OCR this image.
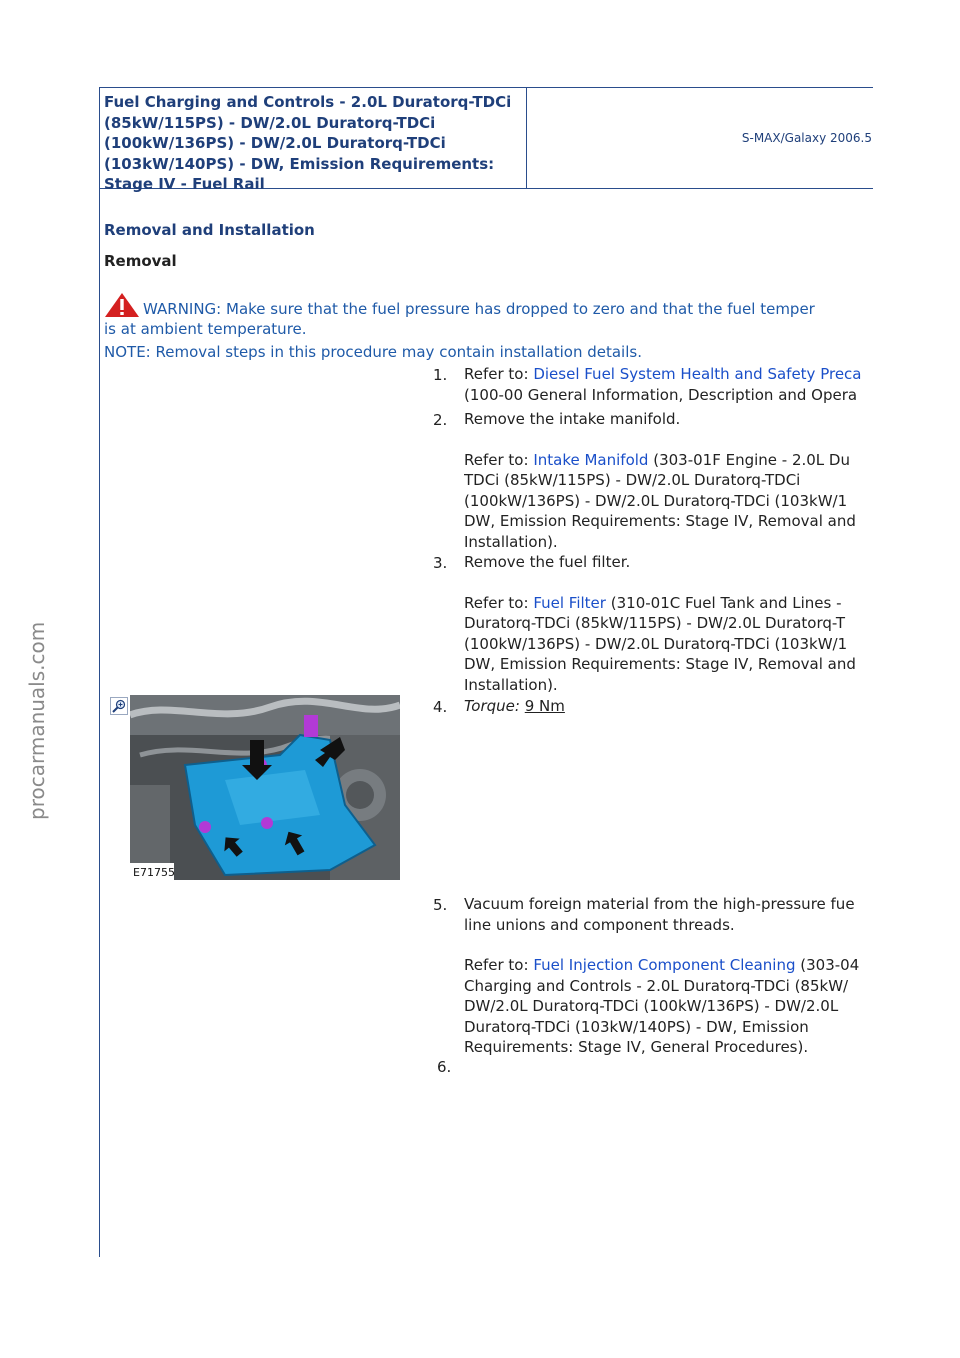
Fuel Charging and Controls - 2.0L Duratorq-TDCi (85kW/115PS) - DW/2.0L Duratorq-TDCi (100kW/136PS) - DW/2.0L Duratorq-TDCi (103kW/140PS) - DW, Emission Requirements: Stage IV - Fuel Rail
S-MAX/Galaxy 2006.5
Removal and Installation
Removal
WARNING: Make sure that the fuel pressure has dropped to zero and that the fuel temper
is at ambient temperature.
NOTE: Removal steps in this procedure may contain installation details.
1. Refer to: Diesel Fuel System Health and Safety Preca
(100-00 General Information, Description and Opera
2. Remove the intake manifold.
Refer to: Intake Manifold (303-01F Engine - 2.0L Du
TDCi (85kW/115PS) - DW/2.0L Duratorq-TDCi
(100kW/136PS) - DW/2.0L Duratorq-TDCi (103kW/1
DW, Emission Requirements: Stage IV, Removal and
Installation).
3. Remove the fuel filter.
Refer to: Fuel Filter (310-01C Fuel Tank and Lines -
Duratorq-TDCi (85kW/115PS) - DW/2.0L Duratorq-T
(100kW/136PS) - DW/2.0L Duratorq-TDCi (103kW/1
DW, Emission Requirements: Stage IV, Removal and
Installation).
E71755
4. Torque: 9 Nm
5. Vacuum foreign material from the high-pressure fue
line unions and component threads.
Refer to: Fuel Injection Component Cleaning (303-04
Charging and Controls - 2.0L Duratorq-TDCi (85kW/
DW/2.0L Duratorq-TDCi (100kW/136PS) - DW/2.0L
Duratorq-TDCi (103kW/140PS) - DW, Emission
Requirements: Stage IV, General Procedures).
6.
procarmanuals.com
